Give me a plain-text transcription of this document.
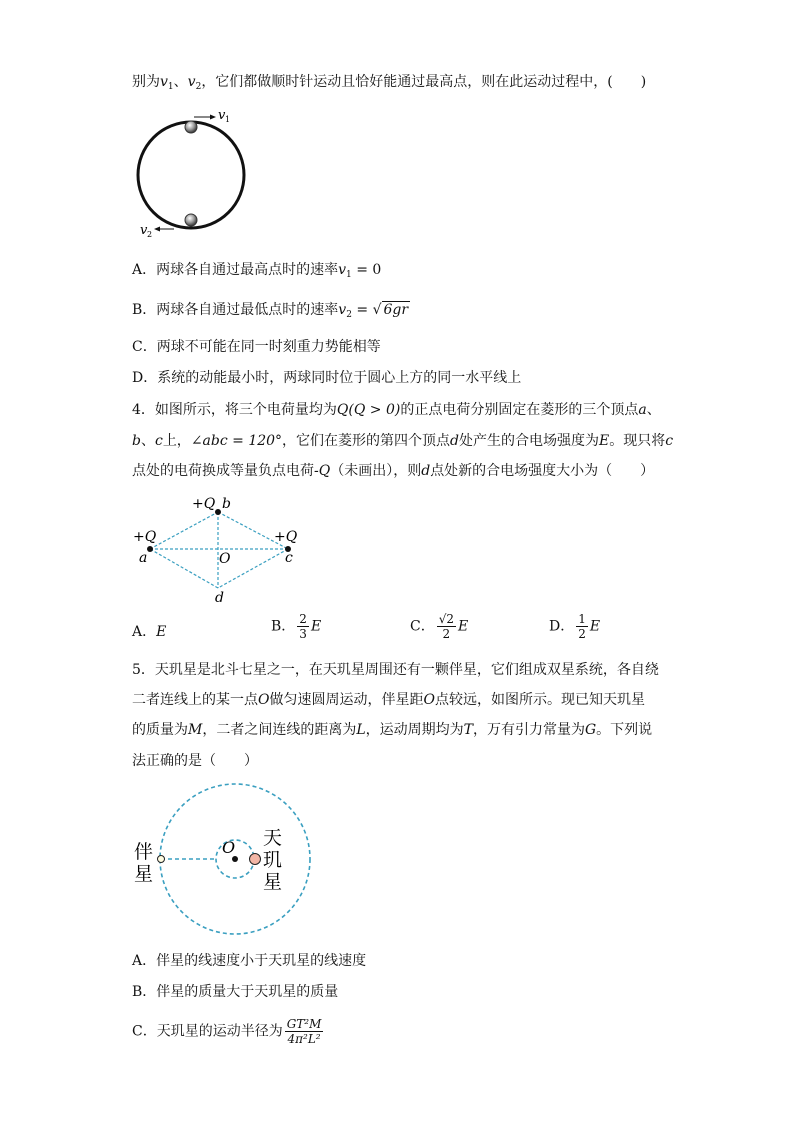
别为$v_1$、$v_2$，它们都做顺时针运动且恰好能通过最高点，则在此运动过程中，(　　)
v 1
v 2
A．两球各自通过最高点时的速率$v_1 = 0$
B．两球各自通过最低点时的速率$v_2$ = √ 6gr
C．两球不可能在同一时刻重力势能相等
D．系统的动能最小时，两球同时位于圆心上方的同一水平线上
4．如图所示，将三个电荷量均为Q(Q > 0)的正点电荷分别固定在菱形的三个顶点a、
b、c上，∠abc = 120°，它们在菱形的第四个顶点d处产生的合电场强度为E。现只将c
点处的电荷换成等量负点电荷-Q（未画出），则d点处新的合电场强度大小为（　　）
+Q b
+Q
a
+Q
c
O
d
A．E	B． $\frac{2}{3}$ E	C． $\frac{√2}{2}$ E	D． $\frac{1}{2}$ E
5．天玑星是北斗七星之一，在天玑星周围还有一颗伴星，它们组成双星系统，各自绕
二者连线上的某一点O做匀速圆周运动，伴星距O点较远，如图所示。现已知天玑星
的质量为M，二者之间连线的距离为L，运动周期均为T，万有引力常量为G。下列说
法正确的是（　　）
O
伴
星
天
玑
星
A．伴星的线速度小于天玑星的线速度
B．伴星的质量大于天玑星的质量
C．天玑星的运动半径为 $\frac{\text{GT²M}}{\text{4π²L²}}$
